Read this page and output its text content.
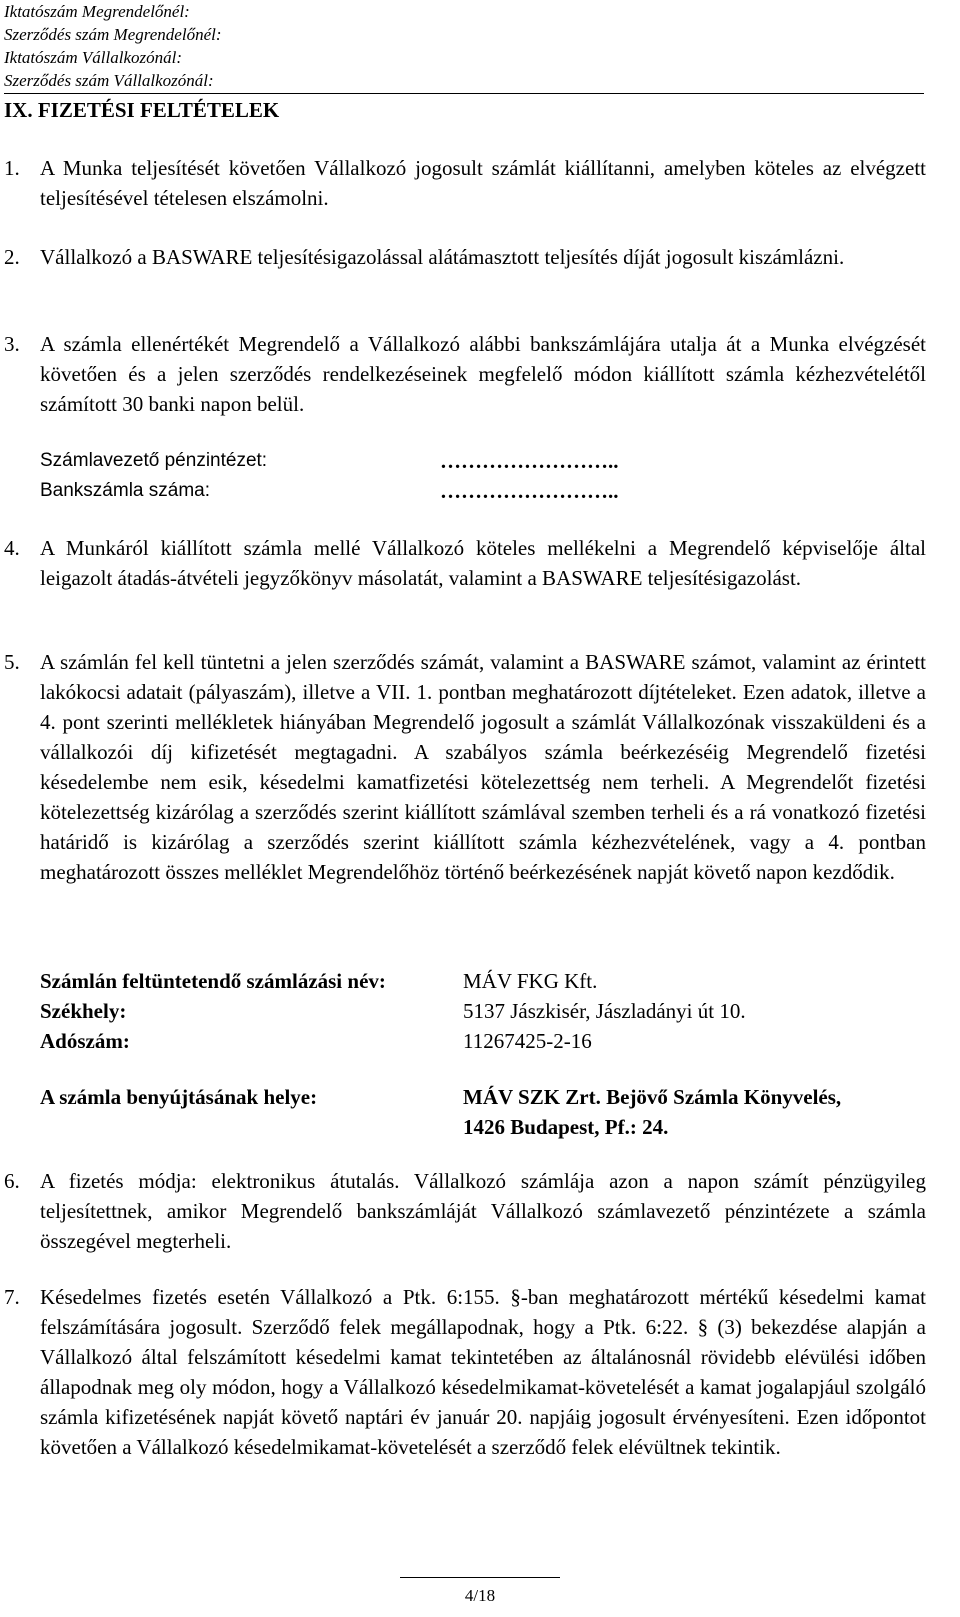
Iktatószám Megrendelőnél:
Szerződés szám Megrendelőnél:
Iktatószám Vállalkozónál:
Szerződés szám Vállalkozónál:
IX. FIZETÉSI FELTÉTELEK
1. A Munka teljesítését követően Vállalkozó jogosult számlát kiállítanni, amelyben köteles az elvégzett teljesítésével tételesen elszámolni.
2. Vállalkozó a BASWARE teljesítésigazolással alátámasztott teljesítés díját jogosult kiszámlázni.
3. A számla ellenértékét Megrendelő a Vállalkozó alábbi bankszámlájára utalja át a Munka elvégzését követően és a jelen szerződés rendelkezéseinek megfelelő módon kiállított számla kézhezvételétől számított 30 banki napon belül.
Számlavezető pénzintézet:	……………………..
Bankszámla száma:	……………………..
4. A Munkáról kiállított számla mellé Vállalkozó köteles mellékelni a Megrendelő képviselője által leigazolt átadás-átvételi jegyzőkönyv másolatát, valamint a BASWARE teljesítésigazolást.
5. A számlán fel kell tüntetni a jelen szerződés számát, valamint a BASWARE számot, valamint az érintett lakókocsi adatait (pályaszám), illetve a VII. 1. pontban meghatározott díjtételeket. Ezen adatok, illetve a 4. pont szerinti mellékletek hiányában Megrendelő jogosult a számlát Vállalkozónak visszaküldeni és a vállalkozói díj kifizetését megtagadni. A szabályos számla beérkezéséig Megrendelő fizetési késedelembe nem esik, késedelmi kamatfizetési kötelezettség nem terheli. A Megrendelőt fizetési kötelezettség kizárólag a szerződés szerint kiállított számlával szemben terheli és a rá vonatkozó fizetési határidő is kizárólag a szerződés szerint kiállított számla kézhezvételének, vagy a 4. pontban meghatározott összes melléklet Megrendelőhöz történő beérkezésének napját követő napon kezdődik.
Számlán feltüntetendő számlázási név:	MÁV FKG Kft.
Székhely:	5137 Jászkisér, Jászladányi út 10.
Adószám:	11267425-2-16
A számla benyújtásának helye:	MÁV SZK Zrt. Bejövő Számla Könyvelés,
1426 Budapest, Pf.: 24.
6. A fizetés módja: elektronikus átutalás. Vállalkozó számlája azon a napon számít pénzügyileg teljesítettnek, amikor Megrendelő bankszámláját Vállalkozó számlavezető pénzintézete a számla összegével megterheli.
7. Késedelmes fizetés esetén Vállalkozó a Ptk. 6:155. §-ban meghatározott mértékű késedelmi kamat felszámítására jogosult. Szerződő felek megállapodnak, hogy a Ptk. 6:22. § (3) bekezdése alapján a Vállalkozó által felszámított késedelmi kamat tekintetében az általánosnál rövidebb elévülési időben állapodnak meg oly módon, hogy a Vállalkozó késedelmikamat-követelését a kamat jogalapjául szolgáló számla kifizetésének napját követő naptári év január 20. napjáig jogosult érvényesíteni. Ezen időpontot követően a Vállalkozó késedelmikamat-követelését a szerződő felek elévültnek tekintik.
4/18
